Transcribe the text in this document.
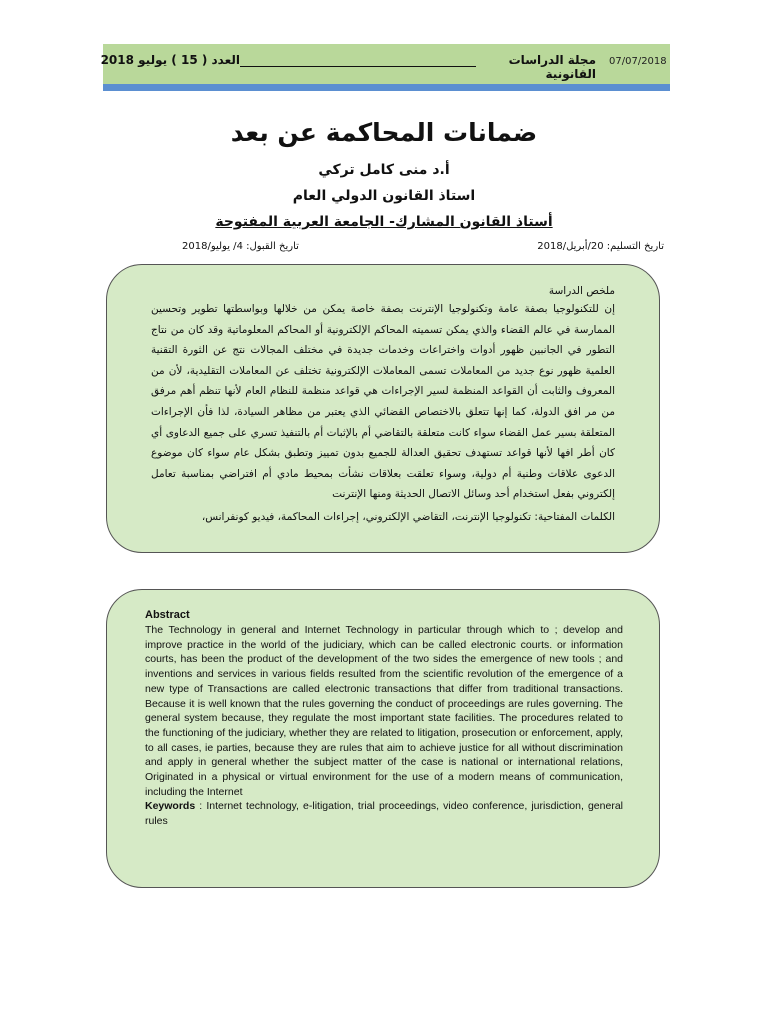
07/07/2018
مجلة الدراسات القانونية
العدد ( 15 ) يوليو 2018
ضمانات المحاكمة عن بعد
أ.د منى كامل تركي
استاذ القانون الدولي العام
أستاذ القانون المشارك- الجامعة العربية المفتوحة
تاريخ التسليم: 20/أبريل/2018
تاريخ القبول: 4/ يوليو/2018
ملخص الدراسة
إن للتكنولوجيا بصفة عامة وتكنولوجيا الإنترنت بصفة خاصة يمكن من خلالها وبواسطتها تطوير وتحسين الممارسة في عالم القضاء والذي يمكن تسميته المحاكم الإلكترونية أو المحاكم المعلوماتية وقد كان من نتاج التطور في الجانبين ظهور أدوات واختراعات وخدمات جديدة في مختلف المجالات نتج عن الثورة التقنية العلمية ظهور نوع جديد من المعاملات تسمى المعاملات الإلكترونية تختلف عن المعاملات التقليدية، لأن من المعروف والثابت أن القواعد المنظمة لسير الإجراءات هي قواعد منظمة للنظام العام لأنها تنظم أهم مرفق من مر افق الدولة، كما إنها تتعلق بالاختصاص القضائي الذي يعتبر من مظاهر السيادة، لذا فأن الإجراءات المتعلقة بسير عمل القضاء سواء كانت متعلقة بالتقاضي أم بالإثبات أم بالتنفيذ تسري على جميع الدعاوى أي كان أطر افها لأنها قواعد تستهدف تحقيق العدالة للجميع بدون تمييز وتطبق بشكل عام سواء كان موضوع الدعوى علاقات وطنية أم دولية، وسواء تعلقت بعلاقات نشأت بمحيط مادي أم افتراضي بمناسبة تعامل إلكتروني بفعل استخدام أحد وسائل الاتصال الحديثة ومنها الإنترنت
الكلمات المفتاحية: تكنولوجيا الإنترنت، التقاضي الإلكتروني، إجراءات المحاكمة، فيديو كونفرانس،
Abstract
The Technology in general and Internet Technology in particular through which to ; develop and improve practice in the world of the judiciary, which can be called electronic courts. or information courts, has been the product of the development of the two sides the emergence of new tools ; and inventions and services in various fields resulted from the scientific revolution of the emergence of a new type of Transactions are called electronic transactions that differ from traditional transactions. Because it is well known that the rules governing the conduct of proceedings are rules governing. The general system because, they regulate the most important state facilities. The procedures related to the functioning of the judiciary, whether they are related to litigation, prosecution or enforcement, apply, to all cases, ie parties, because they are rules that aim to achieve justice for all without discrimination and apply in general whether the subject matter of the case is national or international relations, Originated in a physical or virtual environment for the use of a modern means of communication, including the Internet
Keywords : Internet technology, e-litigation, trial proceedings, video conference, jurisdiction, general rules
